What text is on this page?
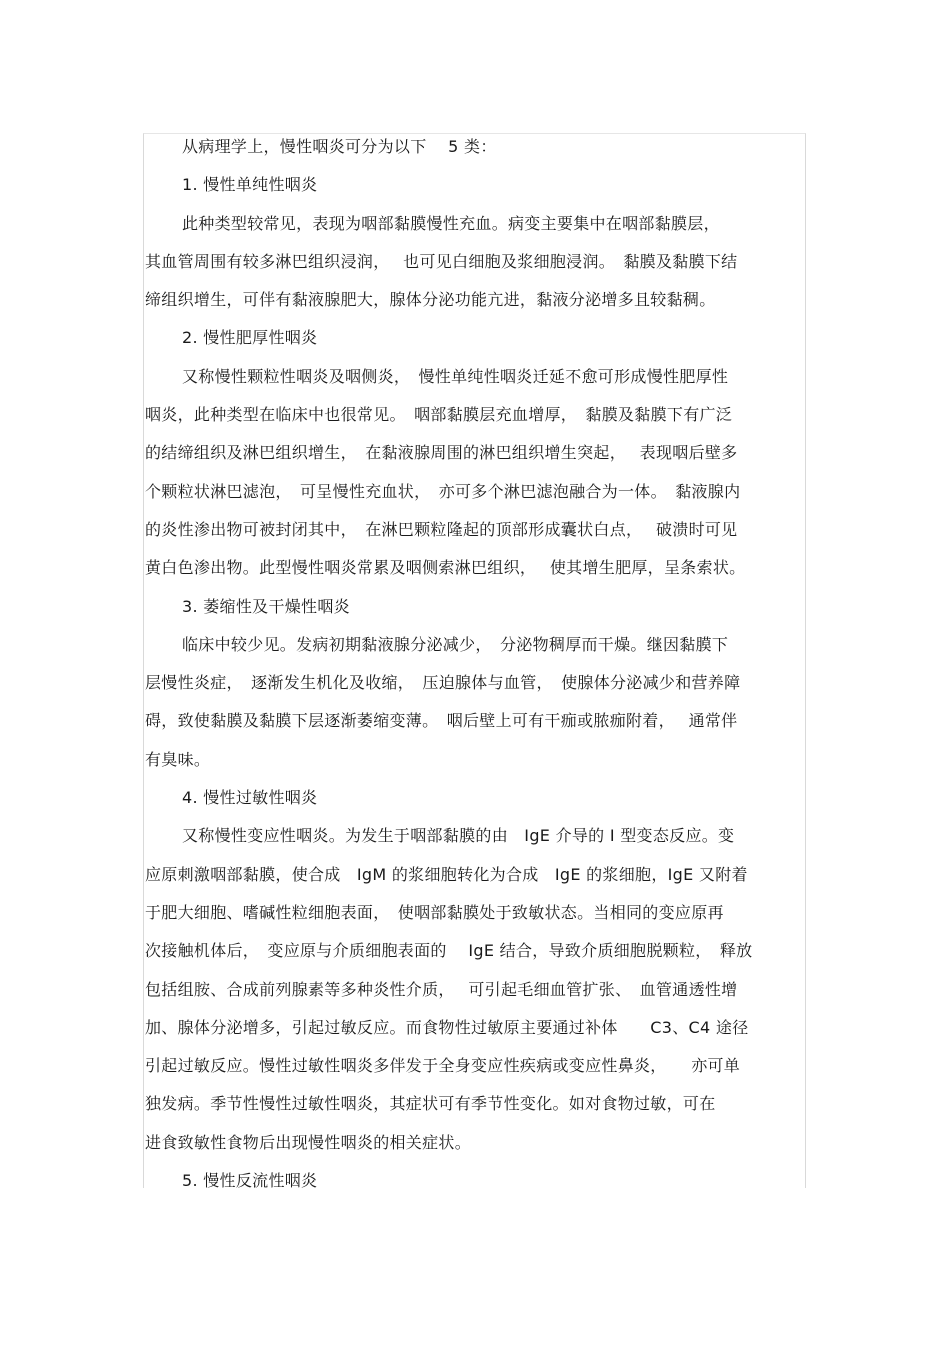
从病理学上，慢性咽炎可分为以下　 5 类：
1. 慢性单纯性咽炎
此种类型较常见，表现为咽部黏膜慢性充血。病变主要集中在咽部黏膜层，
其血管周围有较多淋巴组织浸润，　 也可见白细胞及浆细胞浸润。　黏膜及黏膜下结
缔组织增生，可伴有黏液腺肥大，腺体分泌功能亢进，黏液分泌增多且较黏稠。
2. 慢性肥厚性咽炎
又称慢性颗粒性咽炎及咽侧炎，　慢性单纯性咽炎迁延不愈可形成慢性肥厚性
咽炎，此种类型在临床中也很常见。　咽部黏膜层充血增厚，　黏膜及黏膜下有广泛
的结缔组织及淋巴组织增生，　在黏液腺周围的淋巴组织增生突起，　 表现咽后壁多
个颗粒状淋巴滤泡，　可呈慢性充血状，　亦可多个淋巴滤泡融合为一体。　黏液腺内
的炎性渗出物可被封闭其中，　在淋巴颗粒隆起的顶部形成囊状白点，　 破溃时可见
黄白色渗出物。此型慢性咽炎常累及咽侧索淋巴组织，　 使其增生肥厚，呈条索状。
3. 萎缩性及干燥性咽炎
临床中较少见。发病初期黏液腺分泌减少，　分泌物稠厚而干燥。继因黏膜下
层慢性炎症，　逐渐发生机化及收缩，　压迫腺体与血管，　使腺体分泌减少和营养障
碍，致使黏膜及黏膜下层逐渐萎缩变薄。　咽后壁上可有干痂或脓痂附着，　 通常伴
有臭味。
4. 慢性过敏性咽炎
又称慢性变应性咽炎。为发生于咽部黏膜的由　IgE 介导的 Ⅰ 型变态反应。变
应原刺激咽部黏膜，使合成　IgM 的浆细胞转化为合成　IgE 的浆细胞，IgE 又附着
于肥大细胞、嗜碱性粒细胞表面，　使咽部黏膜处于致敏状态。当相同的变应原再
次接触机体后，　变应原与介质细胞表面的　 IgE 结合，导致介质细胞脱颗粒，　释放
包括组胺、合成前列腺素等多种炎性介质，　 可引起毛细血管扩张、　血管通透性增
加、腺体分泌增多，引起过敏反应。而食物性过敏原主要通过补体　　C3、C4 途径
引起过敏反应。慢性过敏性咽炎多伴发于全身变应性疾病或变应性鼻炎，　　亦可单
独发病。季节性慢性过敏性咽炎，其症状可有季节性变化。如对食物过敏，可在
进食致敏性食物后出现慢性咽炎的相关症状。
5. 慢性反流性咽炎
